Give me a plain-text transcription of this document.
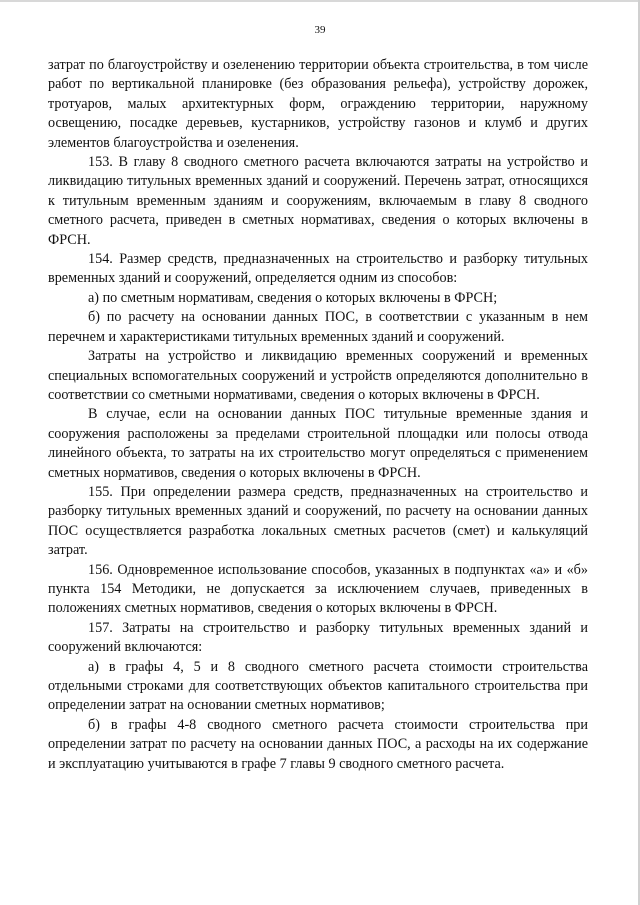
39

затрат по благоустройству и озеленению территории объекта строительства, в том числе работ по вертикальной планировке (без образования рельефа), устройству дорожек, тротуаров, малых архитектурных форм, ограждению территории, наружному освещению, посадке деревьев, кустарников, устройству газонов и клумб и других элементов благоустройства и озеленения.

153. В главу 8 сводного сметного расчета включаются затраты на устройство и ликвидацию титульных временных зданий и сооружений. Перечень затрат, относящихся к титульным временным зданиям и сооружениям, включаемым в главу 8 сводного сметного расчета, приведен в сметных нормативах, сведения о которых включены в ФРСН.

154. Размер средств, предназначенных на строительство и разборку титульных временных зданий и сооружений, определяется одним из способов:

а) по сметным нормативам, сведения о которых включены в ФРСН;

б) по расчету на основании данных ПОС, в соответствии с указанным в нем перечнем и характеристиками титульных временных зданий и сооружений.

Затраты на устройство и ликвидацию временных сооружений и временных специальных вспомогательных сооружений и устройств определяются дополнительно в соответствии со сметными нормативами, сведения о которых включены в ФРСН.

В случае, если на основании данных ПОС титульные временные здания и сооружения расположены за пределами строительной площадки или полосы отвода линейного объекта, то затраты на их строительство могут определяться с применением сметных нормативов, сведения о которых включены в ФРСН.

155. При определении размера средств, предназначенных на строительство и разборку титульных временных зданий и сооружений, по расчету на основании данных ПОС осуществляется разработка локальных сметных расчетов (смет) и калькуляций затрат.

156. Одновременное использование способов, указанных в подпунктах «а» и «б» пункта 154 Методики, не допускается за исключением случаев, приведенных в положениях сметных нормативов, сведения о которых включены в ФРСН.

157. Затраты на строительство и разборку титульных временных зданий и сооружений включаются:

а) в графы 4, 5 и 8 сводного сметного расчета стоимости строительства отдельными строками для соответствующих объектов капитального строительства при определении затрат на основании сметных нормативов;

б) в графы 4-8 сводного сметного расчета стоимости строительства при определении затрат по расчету на основании данных ПОС, а расходы на их содержание и эксплуатацию учитываются в графе 7 главы 9 сводного сметного расчета.
